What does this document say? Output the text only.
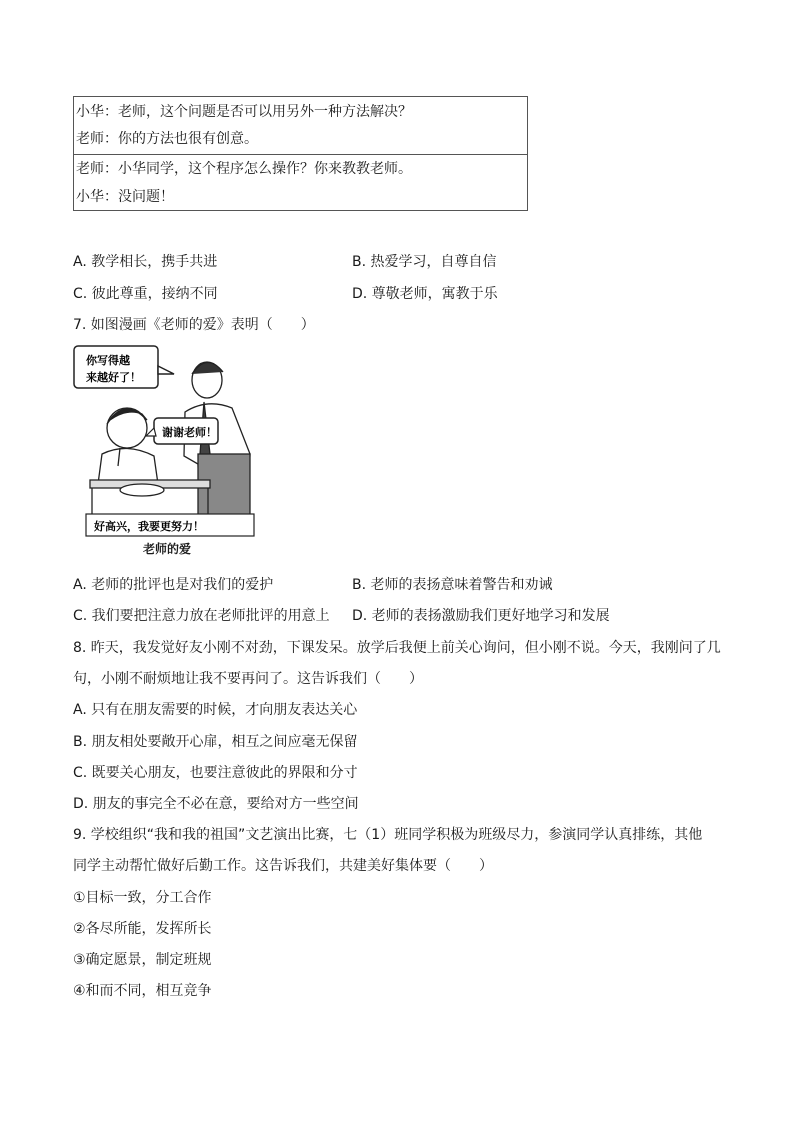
小华：老师，这个问题是否可以用另外一种方法解决？
老师：你的方法也很有创意。
老师：小华同学，这个程序怎么操作？你来教教老师。
小华：没问题！
A. 教学相长，携手共进	B. 热爱学习，自尊自信
C. 彼此尊重，接纳不同	D. 尊敬老师，寓教于乐
7. 如图漫画《老师的爱》表明（　　）
你写得越
来越好了！
谢谢老师！
好高兴，我要更努力！
老师的爱
A. 老师的批评也是对我们的爱护	B. 老师的表扬意味着警告和劝诫
C. 我们要把注意力放在老师批评的用意上 D. 老师的表扬激励我们更好地学习和发展
8. 昨天，我发觉好友小刚不对劲，下课发呆。放学后我便上前关心询问，但小刚不说。今天，我刚问了几
句，小刚不耐烦地让我不要再问了。这告诉我们（　　）
A. 只有在朋友需要的时候，才向朋友表达关心
B. 朋友相处要敞开心扉，相互之间应毫无保留
C. 既要关心朋友，也要注意彼此的界限和分寸
D. 朋友的事完全不必在意，要给对方一些空间
9. 学校组织“我和我的祖国”文艺演出比赛，七（1）班同学积极为班级尽力，参演同学认真排练，其他
同学主动帮忙做好后勤工作。这告诉我们，共建美好集体要（　　）
①目标一致，分工合作
②各尽所能，发挥所长
③确定愿景，制定班规
④和而不同，相互竞争
